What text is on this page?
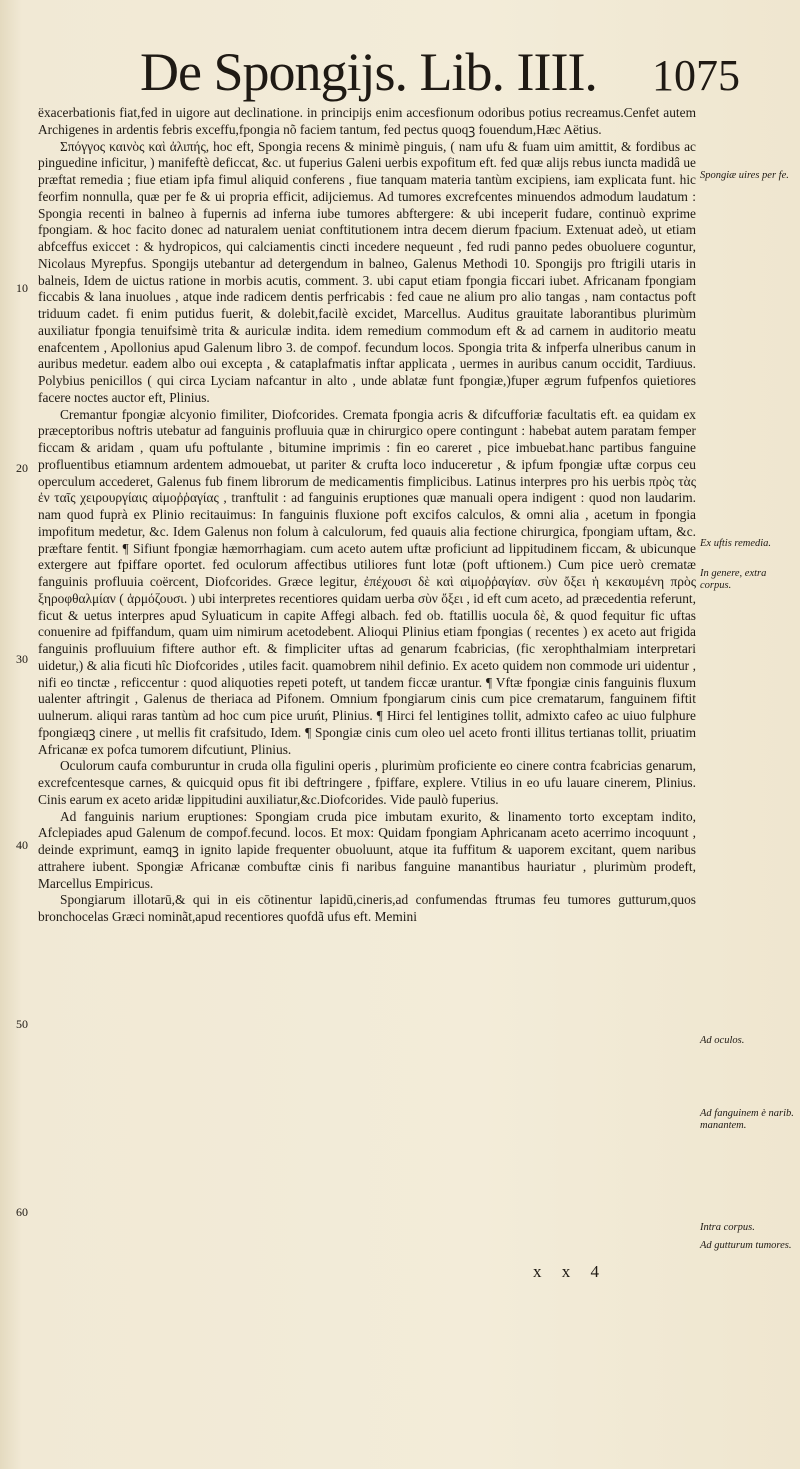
De Spongijs. Lib. IIII. 1075

ëxacerbationis fiat,fed in uigore aut declinatione. in principijs enim accesfionum odoribus potius recreamus.Cenfet autem Archigenes in ardentis febris exceffu,fpongia nõ faciem tantum, fed pectus quoqꝫ fouendum,Hæc Aëtius.

Σπόγγος καινὸς καὶ ἀλιπής, hoc eft, Spongia recens & minimè pinguis, ( nam ufu & fuam uim amittit, & fordibus ac pinguedine inficitur, ) manifeftè deficcat, &c. ut fuperius Galeni uerbis expofitum eft. fed quæ alijs rebus iuncta madidâ ue præftat remedia ; fiue etiam ipfa fimul aliquid conferens , fiue tanquam materia tantùm excipiens, iam explicata funt. hic feorfim nonnulla, quæ per fe & ui propria efficit, adijciemus. Ad tumores excrefcentes minuendos admodum laudatum : Spongia recenti in balneo à fupernis ad inferna iube tumores abftergere: & ubi inceperit fudare, continuò exprime fpongiam. & hoc facito donec ad naturalem ueniat conftitutionem intra decem dierum fpacium. Extenuat adeò, ut etiam abfceffus exiccet : & hydropicos, qui calciamentis cincti incedere nequeunt , fed rudi panno pedes obuoluere coguntur, Nicolaus Myrepfus. Spongijs utebantur ad detergendum in balneo, Galenus Methodi 10. Spongijs pro ftrigili utaris in balneis, Idem de uictus ratione in morbis acutis, comment. 3. ubi caput etiam fpongia ficcari iubet. Africanam fpongiam ficcabis & lana inuolues , atque inde radicem dentis perfricabis : fed caue ne alium pro alio tangas , nam contactus poft triduum cadet. fi enim putidus fuerit, & dolebit,facilè excidet, Marcellus. Auditus grauitate laborantibus plurimùm auxiliatur fpongia tenuifsimè trita & auriculæ indita. idem remedium commodum eft & ad carnem in auditorio meatu enafcentem , Apollonius apud Galenum libro 3. de compof. fecundum locos. Spongia trita & infperfa ulneribus canum in auribus medetur. eadem albo oui excepta , & cataplafmatis inftar applicata , uermes in auribus canum occidit, Tardiuus. Polybius penicillos ( qui circa Lyciam nafcantur in alto , unde ablatæ funt fpongiæ,)fuper ægrum fufpenfos quietiores facere noctes auctor eft, Plinius.

Cremantur fpongiæ alcyonio fimiliter, Diofcorides. Cremata fpongia acris & difcufforiæ facultatis eft. ea quidam ex præceptoribus noftris utebatur ad fanguinis profluuia quæ in chirurgico opere contingunt : habebat autem paratam femper ficcam & aridam , quam ufu poftulante , bitumine imprimis : fin eo careret , pice imbuebat.hanc partibus fanguine profluentibus etiamnum ardentem admouebat, ut pariter & crufta loco induceretur , & ipfum fpongiæ uftæ corpus ceu operculum accederet, Galenus fub finem librorum de medicamentis fimplicibus. Latinus interpres pro his uerbis πρὸς τὰς ἐν ταῖς χειρουργίαις αἱμοῤῥαγίας , tranftulit : ad fanguinis eruptiones quæ manuali opera indigent : quod non laudarim. nam quod fuprà ex Plinio recitauimus: In fanguinis fluxione poft excifos calculos, & omni alia , acetum in fpongia impofitum medetur, &c. Idem Galenus non folum à calculorum, fed quauis alia fectione chirurgica, fpongiam uftam, &c. præftare fentit. ¶ Sifiunt fpongiæ hæmorrhagiam. cum aceto autem uftæ proficiunt ad lippitudinem ficcam, & ubicunque extergere aut fpiffare oportet. fed oculorum affectibus utiliores funt lotæ (poft uftionem.) Cum pice uerò crematæ fanguinis profluuia coërcent, Diofcorides. Græce legitur, ἐπέχουσι δὲ καὶ αἱμοῤῥαγίαν. σὺν ὄξει ἡ κεκαυμένη πρὸς ξηροφθαλμίαν ( ἁρμόζουσι. ) ubi interpretes recentiores quidam uerba σὺν ὄξει , id eft cum aceto, ad præcedentia referunt, ficut & uetus interpres apud Syluaticum in capite Affegi albach. fed ob. ftatillis uocula δὲ, & quod fequitur fic uftas conuenire ad fpiffandum, quam uim nimirum acetodebent. Alioqui Plinius etiam fpongias ( recentes ) ex aceto aut frigida fanguinis profluuium fiftere author eft. & fimpliciter uftas ad genarum fcabricias, (fic xerophthalmiam interpretari uidetur,) & alia ficuti hîc Diofcorides , utiles facit. quamobrem nihil definio. Ex aceto quidem non commode uri uidentur , nifi eo tinctæ , reficcentur : quod aliquoties repeti poteft, ut tandem ficcæ urantur. ¶ Vftæ fpongiæ cinis fanguinis fluxum ualenter aftringit , Galenus de theriaca ad Pifonem. Omnium fpongiarum cinis cum pice crematarum, fanguinem fiftit uulnerum. aliqui raras tantùm ad hoc cum pice uruńt, Plinius. ¶ Hirci fel lentigines tollit, admixto cafeo ac uiuo fulphure fpongiæqꝫ cinere , ut mellis fit crafsitudo, Idem. ¶ Spongiæ cinis cum oleo uel aceto fronti illitus tertianas tollit, priuatim Africanæ ex pofca tumorem difcutiunt, Plinius.

Oculorum caufa comburuntur in cruda olla figulini operis , plurimùm proficiente eo cinere contra fcabricias genarum, excrefcentesque carnes, & quicquid opus fit ibi deftringere , fpiffare, explere. Vtilius in eo ufu lauare cinerem, Plinius. Cinis earum ex aceto aridæ lippitudini auxiliatur,&c.Diofcorides. Vide paulò fuperius.

Ad fanguinis narium eruptiones: Spongiam cruda pice imbutam exurito, & linamento torto exceptam indito, Afclepiades apud Galenum de compof.fecund. locos. Et mox: Quidam fpongiam Aphricanam aceto acerrimo incoquunt , deinde exprimunt, eamqꝫ in ignito lapide frequenter obuoluunt, atque ita fuffitum & uaporem excitant, quem naribus attrahere iubent. Spongiæ Africanæ combuftæ cinis fi naribus fanguine manantibus hauriatur , plurimùm prodeft, Marcellus Empiricus.

Spongiarum illotarū,& qui in eis cōtinentur lapidū,cineris,ad confumendas ftrumas feu tumores gutturum,quos bronchocelas Græci nominãt,apud recentiores quofdã ufus eft. Memini

10
20
30
40
50
60
Spongiæ uires per fe.
Ex uftis remedia.
In genere, extra corpus.
Ad oculos.
Ad fanguinem è narib. manantem.
Intra corpus.
Ad gutturum tumores.
x x 4
